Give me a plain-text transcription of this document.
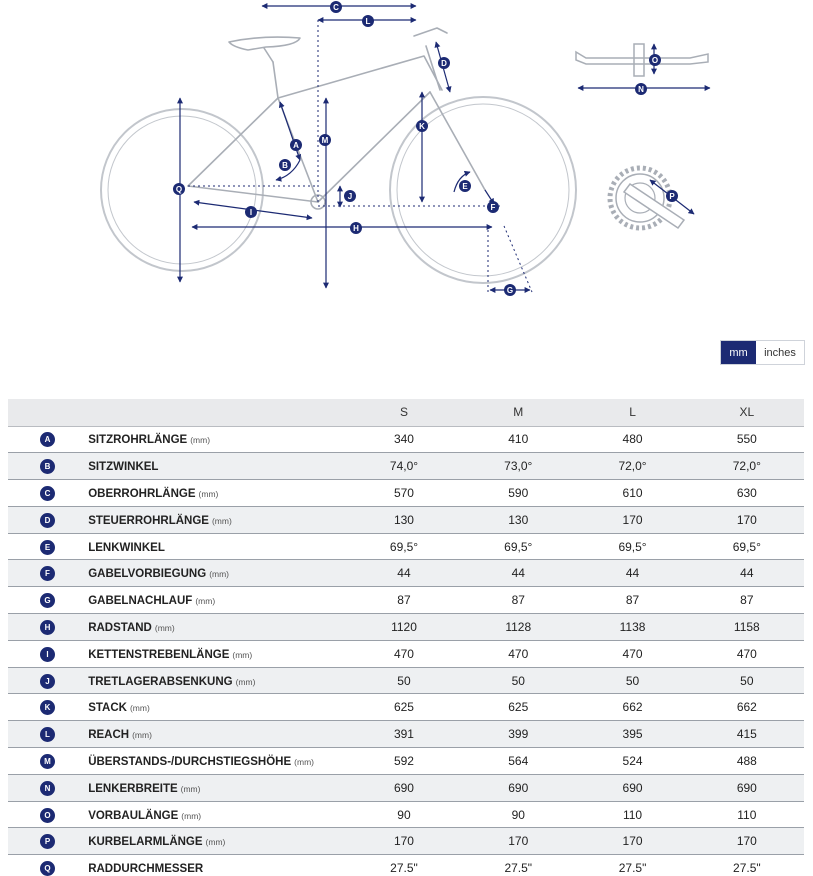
C
L
D
K
M
A
B
Q
J
E
F
I
H
G
O
N
P
mm	inches
		S	M	L	XL
A	SITZROHRLÄNGE (mm)	340	410	480	550
B	SITZWINKEL	74,0°	73,0°	72,0°	72,0°
C	OBERROHRLÄNGE (mm)	570	590	610	630
D	STEUERROHRLÄNGE (mm)	130	130	170	170
E	LENKWINKEL	69,5°	69,5°	69,5°	69,5°
F	GABELVORBIEGUNG (mm)	44	44	44	44
G	GABELNACHLAUF (mm)	87	87	87	87
H	RADSTAND (mm)	1120	1128	1138	1158
I	KETTENSTREBENLÄNGE (mm)	470	470	470	470
J	TRETLAGERABSENKUNG (mm)	50	50	50	50
K	STACK (mm)	625	625	662	662
L	REACH (mm)	391	399	395	415
M	ÜBERSTANDS-/DURCHSTIEGSHÖHE (mm)	592	564	524	488
N	LENKERBREITE (mm)	690	690	690	690
O	VORBAULÄNGE (mm)	90	90	110	110
P	KURBELARMLÄNGE (mm)	170	170	170	170
Q	RADDURCHMESSER	27.5"	27.5"	27.5"	27.5"
